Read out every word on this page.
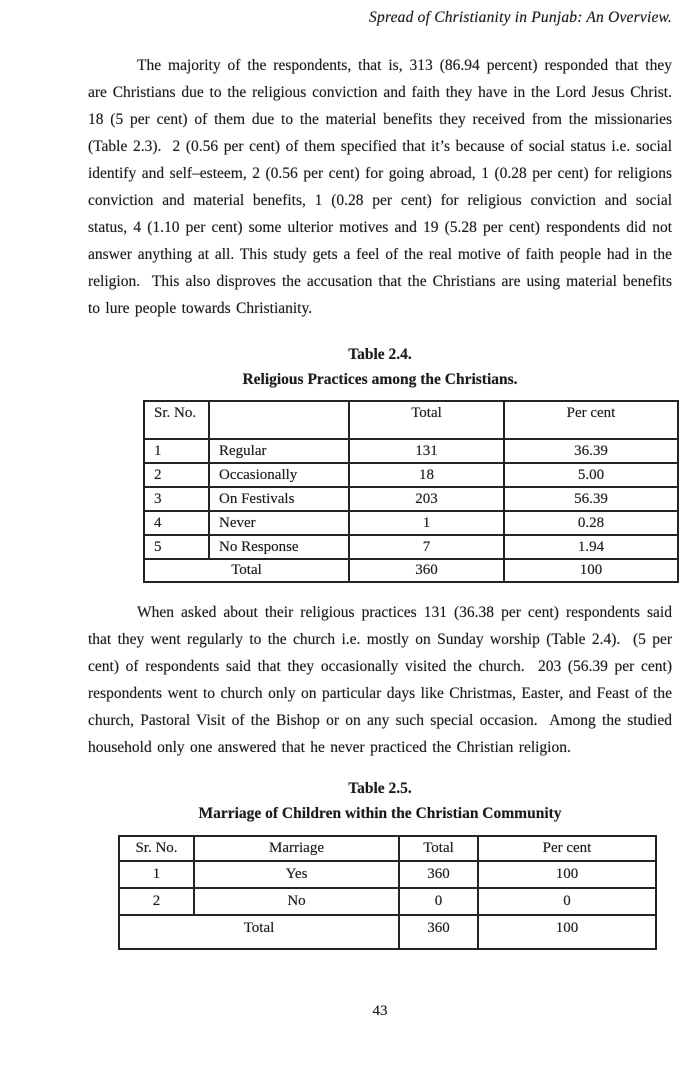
Spread of Christianity in Punjab: An Overview.

The majority of the respondents, that is, 313 (86.94 percent) responded that they are Christians due to the religious conviction and faith they have in the Lord Jesus Christ. 18 (5 per cent) of them due to the material benefits they received from the missionaries (Table 2.3).  2 (0.56 per cent) of them specified that it’s because of social status i.e. social identify and self–esteem, 2 (0.56 per cent) for going abroad, 1 (0.28 per cent) for religions conviction and material benefits, 1 (0.28 per cent) for religious conviction and social status, 4 (1.10 per cent) some ulterior motives and 19 (5.28 per cent) respondents did not answer anything at all. This study gets a feel of the real motive of faith people had in the religion.  This also disproves the accusation that the Christians are using material benefits to lure people towards Christianity.

Table 2.4.
Religious Practices among the Christians.
Sr. No.		Total	Per cent
1	Regular	131	36.39
2	Occasionally	18	5.00
3	On Festivals	203	56.39
4	Never	1	0.28
5	No Response	7	1.94
Total		360	100

When asked about their religious practices 131 (36.38 per cent) respondents said that they went regularly to the church i.e. mostly on Sunday worship (Table 2.4).  (5 per cent) of respondents said that they occasionally visited the church.  203 (56.39 per cent) respondents went to church only on particular days like Christmas, Easter, and Feast of the church, Pastoral Visit of the Bishop or on any such special occasion.  Among the studied household only one answered that he never practiced the Christian religion.

Table 2.5.
Marriage of Children within the Christian Community
Sr. No.	Marriage	Total	Per cent
1	Yes	360	100
2	No	0	0
Total		360	100
43
